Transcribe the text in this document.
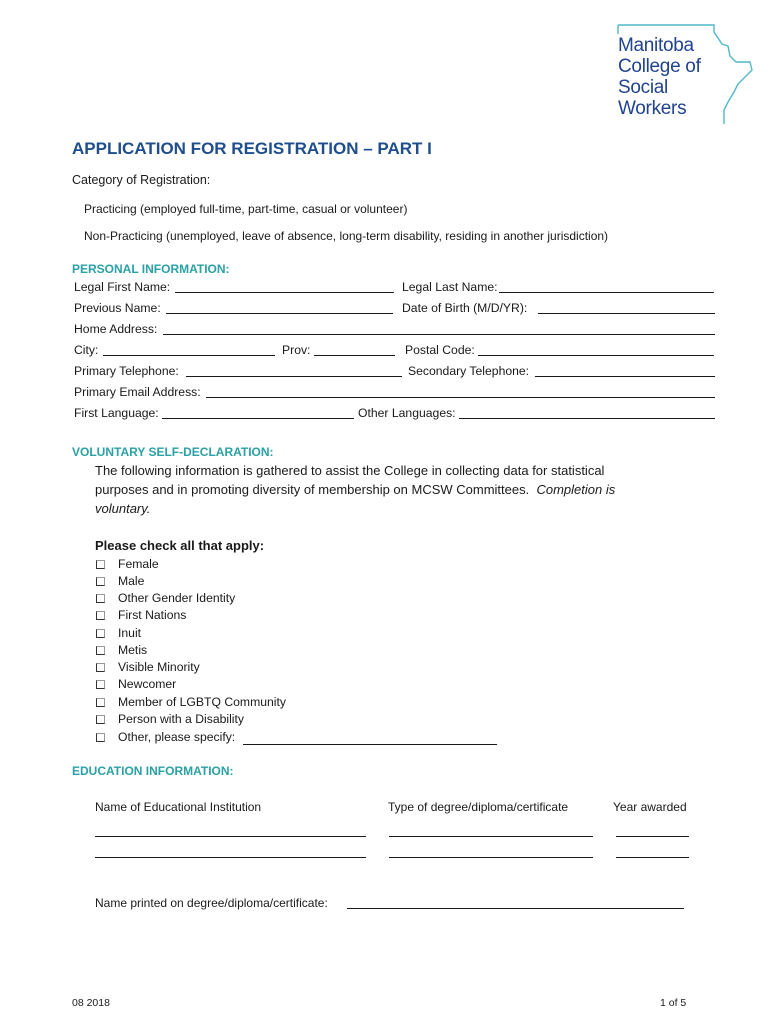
Manitoba
College of
Social
Workers
APPLICATION FOR REGISTRATION – PART I
Category of Registration:
Practicing (employed full-time, part-time, casual or volunteer)
Non-Practicing (unemployed, leave of absence, long-term disability, residing in another jurisdiction)
PERSONAL INFORMATION:
Legal First Name:	Legal Last Name:
Previous Name:	Date of Birth (M/D/YR):
Home Address:
City:	Prov:	Postal Code:
Primary Telephone:	Secondary Telephone:
Primary Email Address:
First Language:	Other Languages:
VOLUNTARY SELF-DECLARATION:
The following information is gathered to assist the College in collecting data for statistical
purposes and in promoting diversity of membership on MCSW Committees. Completion is
voluntary.
Please check all that apply:
Female
Male
Other Gender Identity
First Nations
Inuit
Metis
Visible Minority
Newcomer
Member of LGBTQ Community
Person with a Disability
Other, please specify:
EDUCATION INFORMATION:
Name of Educational Institution	Type of degree/diploma/certificate	Year awarded
Name printed on degree/diploma/certificate:
08 2018	1 of 5
